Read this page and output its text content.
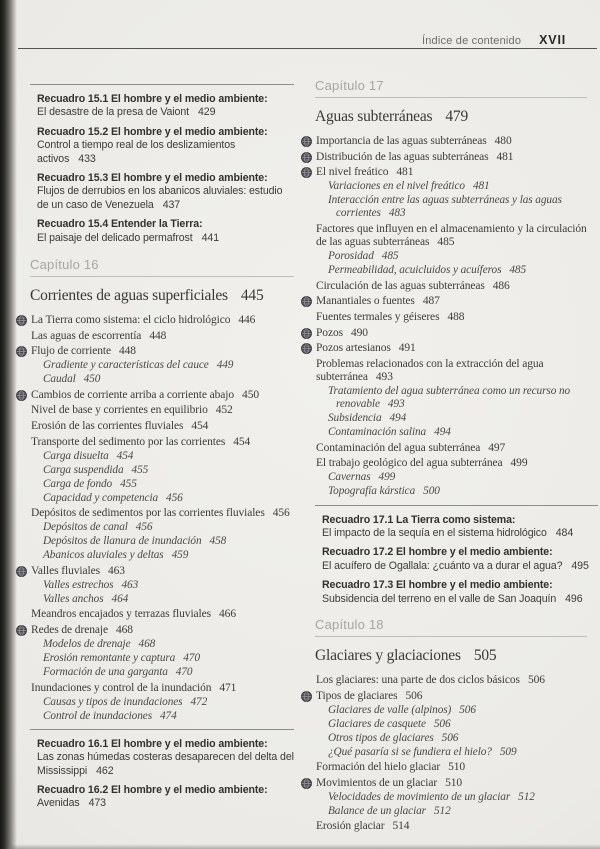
Índice de contenido XVII
Recuadro 15.1 El hombre y el medio ambiente:
El desastre de la presa de Vaiont 429
Recuadro 15.2 El hombre y el medio ambiente:
Control a tiempo real de los deslizamientos activos 433
Recuadro 15.3 El hombre y el medio ambiente:
Flujos de derrubios en los abanicos aluviales: estudio de un caso de Venezuela 437
Recuadro 15.4 Entender la Tierra:
El paisaje del delicado permafrost 441
Capítulo 16
Corrientes de aguas superficiales 445
La Tierra como sistema: el ciclo hidrológico 446
Las aguas de escorrentía 448
Flujo de corriente 448
Gradiente y características del cauce 449
Caudal 450
Cambios de corriente arriba a corriente abajo 450
Nivel de base y corrientes en equilibrio 452
Erosión de las corrientes fluviales 454
Transporte del sedimento por las corrientes 454
Carga disuelta 454
Carga suspendida 455
Carga de fondo 455
Capacidad y competencia 456
Depósitos de sedimentos por las corrientes fluviales 456
Depósitos de canal 456
Depósitos de llanura de inundación 458
Abanicos aluviales y deltas 459
Valles fluviales 463
Valles estrechos 463
Valles anchos 464
Meandros encajados y terrazas fluviales 466
Redes de drenaje 468
Modelos de drenaje 468
Erosión remontante y captura 470
Formación de una garganta 470
Inundaciones y control de la inundación 471
Causas y tipos de inundaciones 472
Control de inundaciones 474
Recuadro 16.1 El hombre y el medio ambiente:
Las zonas húmedas costeras desaparecen del delta del Mississippi 462
Recuadro 16.2 El hombre y el medio ambiente:
Avenidas 473
Capítulo 17
Aguas subterráneas 479
Importancia de las aguas subterráneas 480
Distribución de las aguas subterráneas 481
El nivel freático 481
Variaciones en el nivel freático 481
Interacción entre las aguas subterráneas y las aguas corrientes 483
Factores que influyen en el almacenamiento y la circulación de las aguas subterráneas 485
Porosidad 485
Permeabilidad, acuicluidos y acuíferos 485
Circulación de las aguas subterráneas 486
Manantiales o fuentes 487
Fuentes termales y géiseres 488
Pozos 490
Pozos artesianos 491
Problemas relacionados con la extracción del agua subterránea 493
Tratamiento del agua subterránea como un recurso no renovable 493
Subsidencia 494
Contaminación salina 494
Contaminación del agua subterránea 497
El trabajo geológico del agua subterránea 499
Cavernas 499
Topografía kárstica 500
Recuadro 17.1 La Tierra como sistema:
El impacto de la sequía en el sistema hidrológico 484
Recuadro 17.2 El hombre y el medio ambiente:
El acuífero de Ogallala: ¿cuánto va a durar el agua? 495
Recuadro 17.3 El hombre y el medio ambiente:
Subsidencia del terreno en el valle de San Joaquín 496
Capítulo 18
Glaciares y glaciaciones 505
Los glaciares: una parte de dos ciclos básicos 506
Tipos de glaciares 506
Glaciares de valle (alpinos) 506
Glaciares de casquete 506
Otros tipos de glaciares 506
¿Qué pasaría si se fundiera el hielo? 509
Formación del hielo glaciar 510
Movimientos de un glaciar 510
Velocidades de movimiento de un glaciar 512
Balance de un glaciar 512
Erosión glaciar 514
